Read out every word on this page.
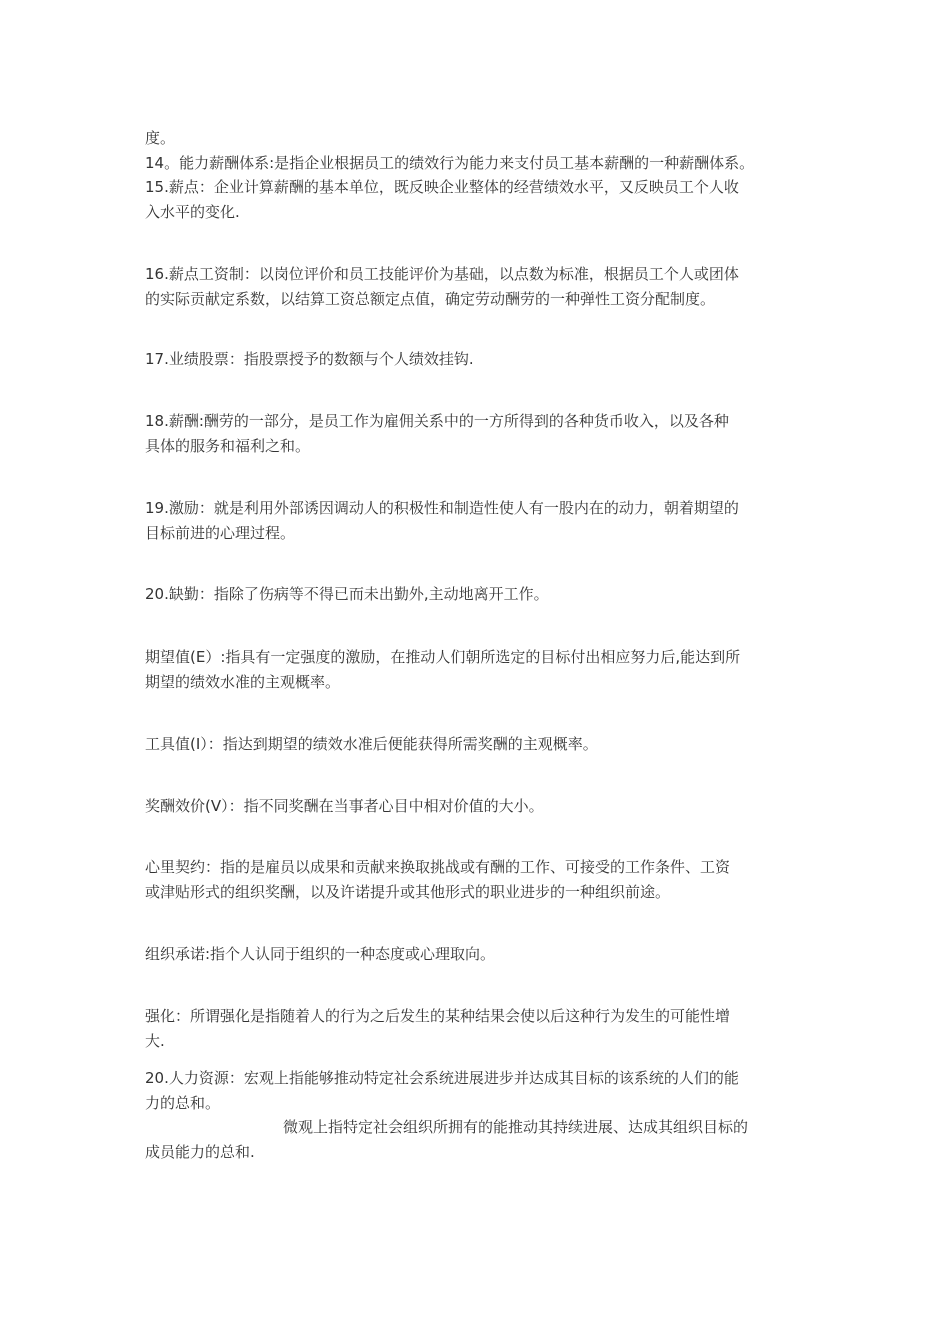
度。

14。能力薪酬体系:是指企业根据员工的绩效行为能力来支付员工基本薪酬的一种薪酬体系。

15.薪点：企业计算薪酬的基本单位，既反映企业整体的经营绩效水平，又反映员工个人收
入水平的变化.

16.薪点工资制：以岗位评价和员工技能评价为基础，以点数为标准，根据员工个人或团体
的实际贡献定系数，以结算工资总额定点值，确定劳动酬劳的一种弹性工资分配制度。

17.业绩股票：指股票授予的数额与个人绩效挂钩.

18.薪酬:酬劳的一部分，是员工作为雇佣关系中的一方所得到的各种货币收入，以及各种
具体的服务和福利之和。

19.激励：就是利用外部诱因调动人的积极性和制造性使人有一股内在的动力，朝着期望的
目标前进的心理过程。

20.缺勤：指除了伤病等不得已而未出勤外,主动地离开工作。

期望值(E）:指具有一定强度的激励，在推动人们朝所选定的目标付出相应努力后,能达到所
期望的绩效水准的主观概率。

工具值(I）：指达到期望的绩效水准后便能获得所需奖酬的主观概率。

奖酬效价(V）：指不同奖酬在当事者心目中相对价值的大小。

心里契约：指的是雇员以成果和贡献来换取挑战或有酬的工作、可接受的工作条件、工资
或津贴形式的组织奖酬，以及许诺提升或其他形式的职业进步的一种组织前途。

组织承诺:指个人认同于组织的一种态度或心理取向。

强化：所谓强化是指随着人的行为之后发生的某种结果会使以后这种行为发生的可能性增
大.

20.人力资源：宏观上指能够推动特定社会系统进展进步并达成其目标的该系统的人们的能
力的总和。

微观上指特定社会组织所拥有的能推动其持续进展、达成其组织目标的

成员能力的总和.
